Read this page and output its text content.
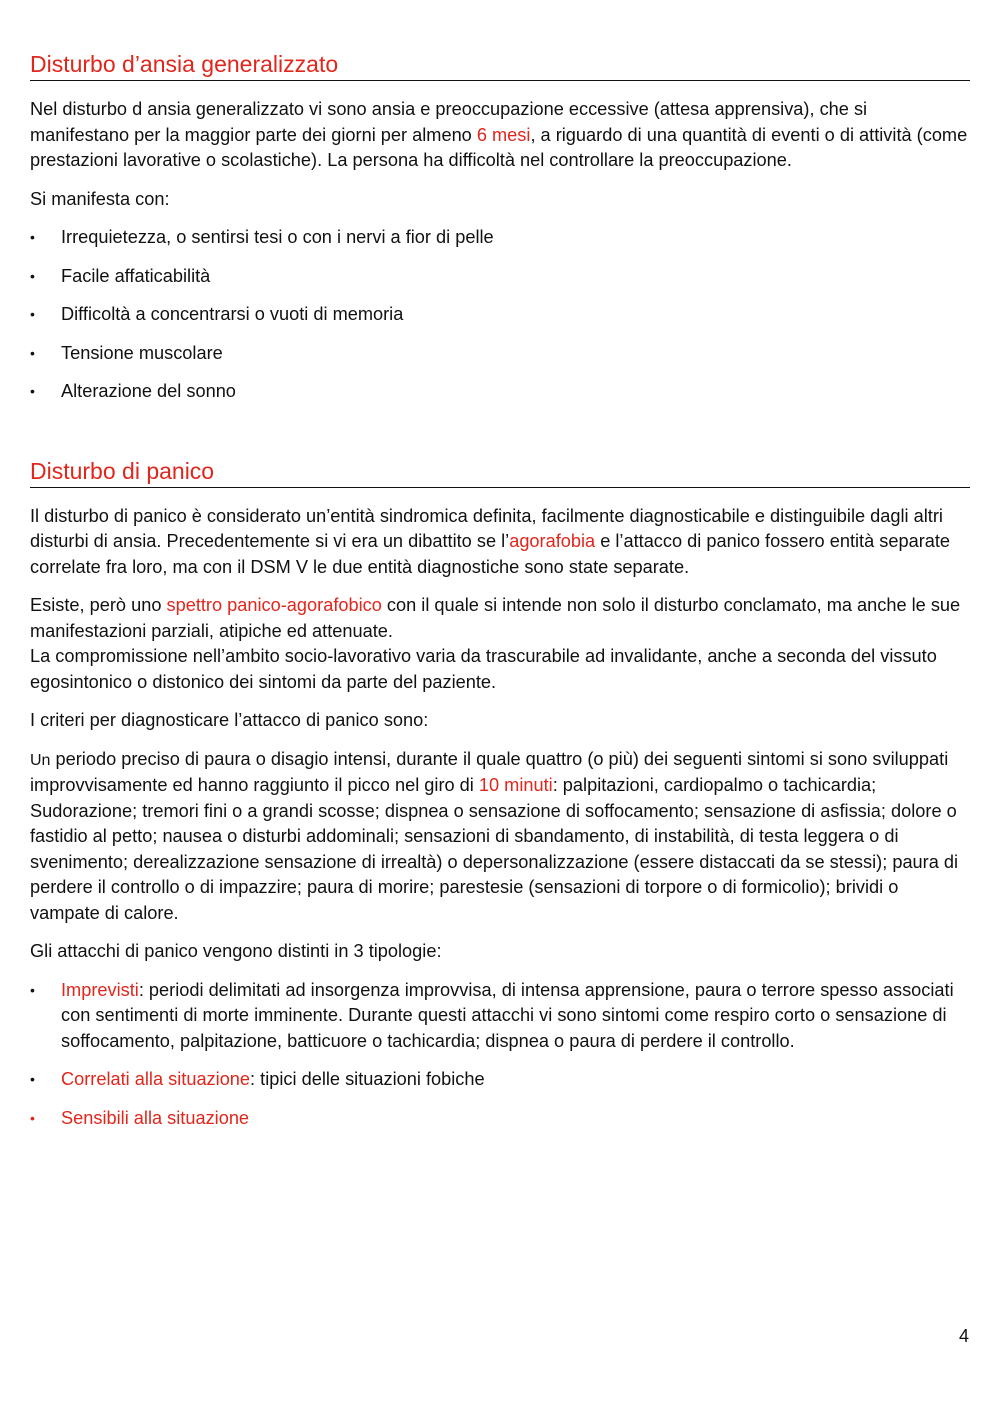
Disturbo d’ansia generalizzato

Nel disturbo d ansia generalizzato vi sono ansia e preoccupazione eccessive (attesa apprensiva), che si manifestano per la maggior parte dei giorni per almeno 6 mesi, a riguardo di una quantità di eventi o di attività (come prestazioni lavorative o scolastiche). La persona ha difficoltà nel controllare la preoccupazione.

Si manifesta con:

• Irrequietezza, o sentirsi tesi o con i nervi a fior di pelle
• Facile affaticabilità
• Difficoltà a concentrarsi o vuoti di memoria
• Tensione muscolare
• Alterazione del sonno
Disturbo di panico

Il disturbo di panico è considerato un’entità sindromica definita, facilmente diagnosticabile e distinguibile dagli altri disturbi di ansia. Precedentemente si vi era un dibattito se l’agorafobia e l’attacco di panico fossero entità separate correlate fra loro, ma con il DSM V le due entità diagnostiche sono state separate.

Esiste, però uno spettro panico-agorafobico con il quale si intende non solo il disturbo conclamato, ma anche le sue manifestazioni parziali, atipiche ed attenuate.
La compromissione nell’ambito socio-lavorativo varia da trascurabile ad invalidante, anche a seconda del vissuto egosintonico o distonico dei sintomi da parte del paziente.

I criteri per diagnosticare l’attacco di panico sono:

Un periodo preciso di paura o disagio intensi, durante il quale quattro (o più) dei seguenti sintomi si sono sviluppati improvvisamente ed hanno raggiunto il picco nel giro di 10 minuti: palpitazioni, cardiopalmo o tachicardia; Sudorazione; tremori fini o a grandi scosse; dispnea o sensazione di soffocamento; sensazione di asfissia; dolore o fastidio al petto; nausea o disturbi addominali; sensazioni di sbandamento, di instabilità, di testa leggera o di svenimento; derealizzazione sensazione di irrealtà) o depersonalizzazione (essere distaccati da se stessi); paura di perdere il controllo o di impazzire; paura di morire; parestesie (sensazioni di torpore o di formicolio); brividi o vampate di calore.

Gli attacchi di panico vengono distinti in 3 tipologie:

• Imprevisti: periodi delimitati ad insorgenza improvvisa, di intensa apprensione, paura o terrore spesso associati con sentimenti di morte imminente. Durante questi attacchi vi sono sintomi come respiro corto o sensazione di soffocamento, palpitazione, batticuore o tachicardia; dispnea o paura di perdere il controllo.
• Correlati alla situazione: tipici delle situazioni fobiche
• Sensibili alla situazione
4
